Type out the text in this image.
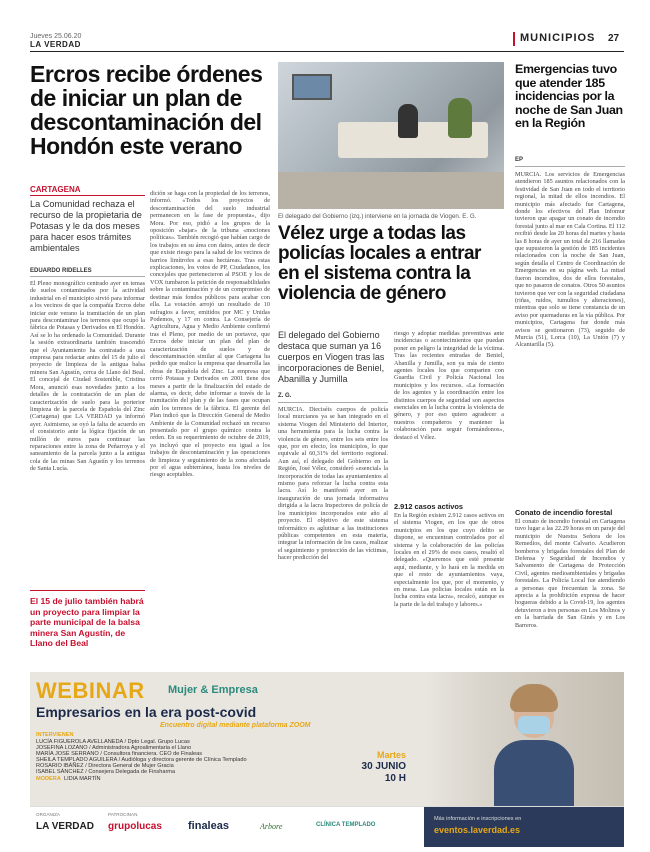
Jueves 25.06.20
LA VERDAD
MUNICIPIOS 27
Ercros recibe órdenes de iniciar un plan de descontaminación del Hondón este verano
CARTAGENA
La Comunidad rechaza el recurso de la propietaria de Potasas y le da dos meses para hacer esos trámites ambientales
EDUARDO RIDELLES
El Pleno monográfico centrado ayer en temas de suelos contaminados por la actividad industrial en el municipio sirvió para informar a los vecinos de que la compañía Ercros debe iniciar este verano la tramitación de un plan para descontaminar los terrenos que ocupó la fábrica de Potasas y Derivados en El Hondón. Así se lo ha ordenado la Comunidad. Durante la sesión extraordinaria también trascendió que el Ayuntamiento ha contratado a una empresa para redactar antes del 15 de julio el proyecto de limpieza de la antigua balsa minera San Agustín, cerca de Llano del Beal. El concejal de Ciudad Sostenible, Cristina Mora, anunció esas novedades junto a los detalles de la contratación de un plan de caracterización de suelo para la porterior limpieza de la parcela de Española del Zinc (Cartagena) que LA VERDAD ya informó ayer. Asimismo, se oyó la falta de acuerdo en el consistorio ante la lógica fijación de un millón de euros para continuar las reparaciones entre la zona de Peñarroya y el saneamiento de la parcela junto a la antigua cola de las minas San Agustín y los terrenos de Santa Lucía.
dición se haga con la propiedad de los terrenos, informó. «Todos los proyectos de descontaminación del suelo industrial permanecen en la fase de propuesta», dijo Mora. Por eso, pidió a los grupos de la oposición «bajar» de la tribuna «mociones políticas». También recogió que habían cargo de los trabajos en su área con datos, antes de decir que existe riesgo para la salud de los vecinos de barrios limítrofes a esas hectáreas. Tras estas explicaciones, los votos de PP, Ciudadanos, los concejales que pertenecieron al PSOE y los de VOX tumbaron la petición de responsabilidades sobre la contaminación y de un compromiso de destinar más fondos públicos para acabar con ella. La votación arrojó un resultado de 10 sufragios a favor, emitidos por MC y Unidas Podemos, y 17 en contra. La Consejería de Agricultura, Agua y Medio Ambiente confirmó tras el Pleno, por medio de un portavoz, que Ercros debe iniciar un plan del plan de caracterización de suelos y de descontaminación similar al que Cartagena ha pedido que realice la empresa que desarrolla las obras de Española del Zinc. La empresa que cerró Potasas y Derivados en 2001 tiene dos meses a partir de la finalización del estado de alarma, es decir, debe informar a través de la tramitación del plan y de las fases que ocupan aún los terrenos de la fábrica. El gerente del Plan indicó que la Dirección General de Medio Ambiente de la Comunidad rechazó un recurso presentado por el grupo químico contra la orden. En su requerimiento de octubre de 2019, ya incluyó que el proyecto era igual a los trabajos de descontaminación y las operaciones de limpieza y seguimiento de la zona afectada por el agua subterránea, hasta los niveles de riesgo aceptables.
El 15 de julio también habrá un proyecto para limpiar la parte municipal de la balsa minera San Agustín, de Llano del Beal
El delegado del Gobierno (izq.) interviene en la jornada de Viogen. E. G.
Vélez urge a todas las policías locales a entrar en el sistema contra la violencia de género
El delegado del Gobierno destaca que suman ya 16 cuerpos en Viogen tras las incorporaciones de Beniel, Abanilla y Jumilla
Z. G.
MURCIA. Dieciséis cuerpos de policía local murcianos ya se han integrado en el sistema Viogen del Ministerio del Interior, una herramienta para la lucha contra la violencia de género, entre los seis entre los que, por en efecto, los municipios, lo que equivale al 60,31% del territorio regional. Aun así, el delegado del Gobierno en la Región, José Vélez, consideró «esencial» la incorporación de todas las ayuntamientos al mismo para reforzar la lucha contra esta lacra. Así lo manifestó ayer en la inauguración de una jornada informativa dirigida a la lacra Inspectores de policía de los municipios incorporados este año al proyecto. El objetivo de este sistema informático es aglutinar a las instituciones públicas competentes en esta materia, integrar la información de los casos, realizar el seguimiento y protección de las víctimas, hacer predicción del
riesgo y adoptar medidas preventivas ante incidencias o acontecimientos que puedan poner en peligro la integridad de la víctima. Tras las recientes entradas de Beniel, Abanilla y Jumilla, son ya más de ciento agentes locales los que comparten con Guardia Civil y Policía Nacional los municipios y los recursos. «La formación de los agentes y la coordinación entre los distintos cuerpos de seguridad son aspectos esenciales en la lucha contra la violencia de género, y por eso quiero agradecer a nuestros compañeros y mantener la colaboración para seguir formándonos», destacó el Vélez.
2.912 casos activos
En la Región existen 2.912 casos activos en el sistema Viogen, en los que de otros municipios en los que cuyo delito se dispone, se encuentran controlados por el sistema y la colaboración de las policías locales en el 29% de esos casos, resaltó el delegado. «Queremos que esté presente aquí, mediante, y lo hará en la medida en que el resto de ayuntamientos vaya, especialmente los que, por el momento, y en mesa. Las policías locales están en la lucha contra esta lacra», recalcó, aunque es la parte de la del trabajo y labores.»
Emergencias tuvo que atender 185 incidencias por la noche de San Juan en la Región
EP
MURCIA. Los servicios de Emergencias atendieron 185 asuntos relacionados con la festividad de San Juan en todo el territorio regional, la mitad de ellos incendios. El municipio más afectado fue Cartagena, donde los efectivos del Plan Infomur tuvieron que apagar un conato de incendio forestal junto al mar en Cala Cortina. El 112 recibió desde las 20 horas del martes y hasta las 8 horas de ayer un total de 216 llamadas que supusieron la gestión de 185 incidentes relacionados con la noche de San Juan, según detalla el Centro de Coordinación de Emergencias en su página web. La mitad fueron incendios, dos de ellos forestales, que no pasaron de conatos. Otros 50 asuntos tuvieron que ver con la seguridad ciudadana (riñas, ruidos, tumultos y alteraciones), mientras que solo se tiene constancia de un aviso por quemaduras en la vía pública. Por municipios, Cartagena fue donde más avisos se gestionaron (73), seguido de Murcia (51), Lorca (10), La Unión (7) y Alcantarilla (5).
Conato de incendio forestal
El conato de incendio forestal en Cartagena tuvo lugar a las 22.29 horas en un paraje del municipio de Nuestra Señora de los Remedios, del monte Calvario. Acudieron bomberos y brigadas forestales del Plan de Defensa y Seguridad de Incendios y Salvamento de Cartagena de Protección Civil, agentes medioambientales y brigadas forestales. La Policía Local fue atendiendo a personas que frecuentan la zona. Se aprecia a la prohibición expresa de hacer hogueras debido a la Covid-19, los agentes detuvieron a tres personas en Los Molinos y en la barriada de San Ginés y en Los Barreros.
WEBINAR Mujer & Empresa
Empresarios en la era post-covid
Encuentro digital mediante plataforma ZOOM
INTERVIENEN
LUCÍA FIGUEROLA AVELLANEDA / Dpto Legal. Grupo Lucas
JOSEFINA LOZANO / Administradora Agroalimentaria el Llano
MARÍA JOSÉ SERRANO / Consultora financiera. CEO de Finaleas
SHEILA TEMPLADO AGUILERA / Audióloga y directora gerente de Clínica Templado
ROSARIO IBÁÑEZ / Directora General de Mujer Gracia
ISABEL SÁNCHEZ / Consejera Delegada de Finsharma
MODERA LIDIA MARTÍN
Martes
30 JUNIO
10 H
ORGANIZA
LA VERDAD
PATROCINAN
grupolucas finaleas	Arbore	CLÍNICA TEMPLADO
Más información e inscripciones en
eventos.laverdad.es
